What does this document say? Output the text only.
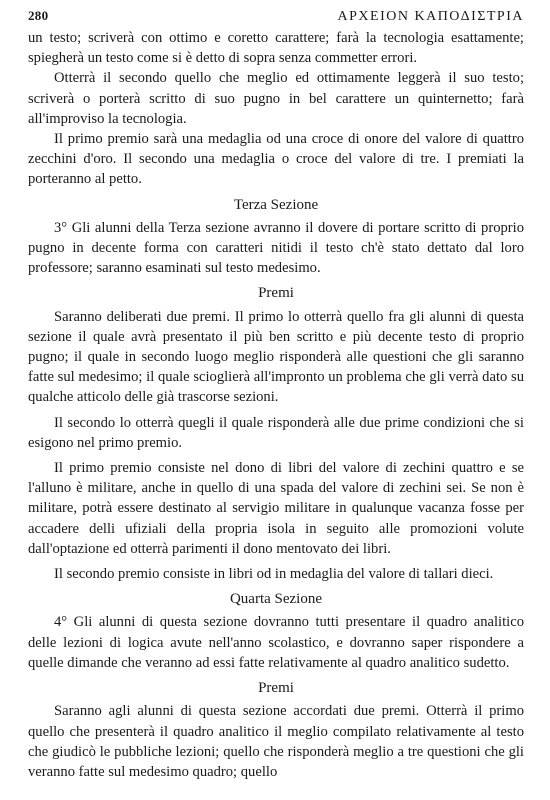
280	ΑΡΧΕΙΟΝ ΚΑΠΟΔΙΣΤΡΙΑ

un testo; scriverà con ottimo e coretto carattere; farà la tecnologia esattamente; spiegherà un testo come si è detto di sopra senza commetter errori.

Otterrà il secondo quello che meglio ed ottimamente leggerà il suo testo; scriverà o porterà scritto di suo pugno in bel carattere un quinternetto; farà all'improviso la tecnologia.

Il primo premio sarà una medaglia od una croce di onore del valore di quattro zecchini d'oro. Il secondo una medaglia o croce del valore di tre. I premiati la porteranno al petto.

Terza Sezione

3° Gli alunni della Terza sezione avranno il dovere di portare scritto di proprio pugno in decente forma con caratteri nitidi il testo ch'è stato dettato dal loro professore; saranno esaminati sul testo medesimo.

Premi

Saranno deliberati due premi. Il primo lo otterrà quello fra gli alunni di questa sezione il quale avrà presentato il più ben scritto e più decente testo di proprio pugno; il quale in secondo luogo meglio risponderà alle questioni che gli saranno fatte sul medesimo; il quale scioglierà all'impronto un problema che gli verrà dato su qualche atticolo delle già trascorse sezioni.

Il secondo lo otterrà quegli il quale risponderà alle due prime condizioni che si esigono nel primo premio.

Il primo premio consiste nel dono di libri del valore di zechini quattro e se l'alluno è militare, anche in quello di una spada del valore di zechini sei. Se non è militare, potrà essere destinato al servigio militare in qualunque vacanza fosse per accadere delli ufiziali della propria isola in seguito alle promozioni volute dall'optazione ed otterrà parimenti il dono mentovato dei libri.

Il secondo premio consiste in libri od in medaglia del valore di tallari dieci.

Quarta Sezione

4° Gli alunni di questa sezione dovranno tutti presentare il quadro analitico delle lezioni di logica avute nell'anno scolastico, e dovranno saper rispondere a quelle dimande che veranno ad essi fatte relativamente al quadro analitico sudetto.

Premi

Saranno agli alunni di questa sezione accordati due premi. Otterrà il primo quello che presenterà il quadro analitico il meglio compilato relativamente al testo che giudicò le pubbliche lezioni; quello che risponderà meglio a tre questioni che gli veranno fatte sul medesimo quadro; quello
